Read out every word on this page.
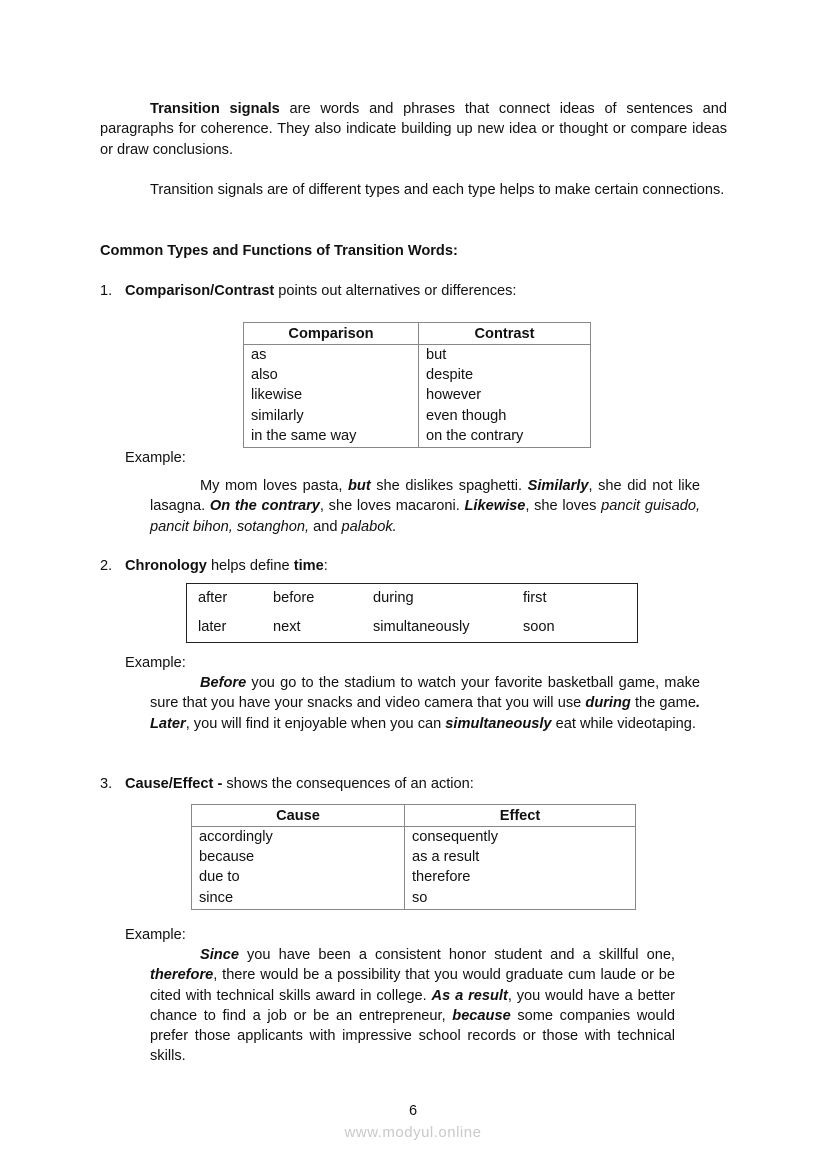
Transition signals are words and phrases that connect ideas of sentences and paragraphs for coherence. They also indicate building up new idea or thought or compare ideas or draw conclusions.

Transition signals are of different types and each type helps to make certain connections.

Common Types and Functions of Transition Words:
1. Comparison/Contrast points out alternatives or differences:
Comparison	Contrast
as	but
also	despite
likewise	however
similarly	even though
in the same way	on the contrary
Example:

My mom loves pasta, but she dislikes spaghetti. Similarly, she did not like lasagna. On the contrary, she loves macaroni. Likewise, she loves pancit guisado, pancit bihon, sotanghon, and palabok.

2. Chronology helps define time:
after	before	during	first
later	next	simultaneously	soon
Example:

Before you go to the stadium to watch your favorite basketball game, make sure that you have your snacks and video camera that you will use during the game. Later, you will find it enjoyable when you can simultaneously eat while videotaping.

3. Cause/Effect - shows the consequences of an action:
Cause	Effect
accordingly	consequently
because	as a result
due to	therefore
since	so
Example:

Since you have been a consistent honor student and a skillful one, therefore, there would be a possibility that you would graduate cum laude or be cited with technical skills award in college. As a result, you would have a better chance to find a job or be an entrepreneur, because some companies would prefer those applicants with impressive school records or those with technical skills.

6
www.modyul.online
